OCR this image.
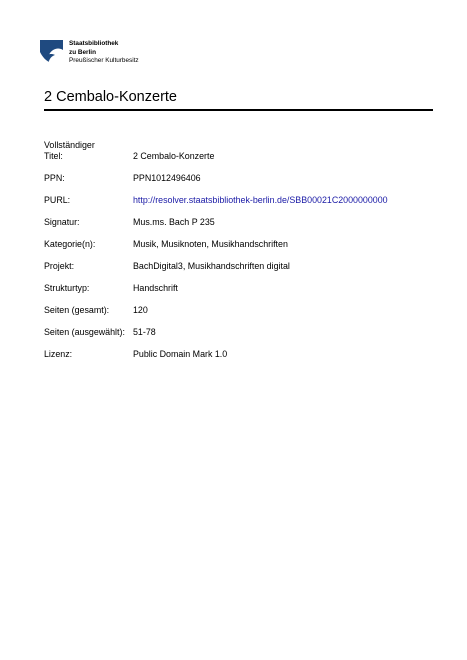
Staatsbibliothek
zu Berlin
Preußischer Kulturbesitz
2 Cembalo-Konzerte
Vollständiger
Titel:	2 Cembalo-Konzerte
PPN:	PPN1012496406
PURL:	http://resolver.staatsbibliothek-berlin.de/SBB00021C2000000000
Signatur:	Mus.ms. Bach P 235
Kategorie(n):	Musik, Musiknoten, Musikhandschriften
Projekt:	BachDigital3, Musikhandschriften digital
Strukturtyp:	Handschrift
Seiten (gesamt):	120
Seiten (ausgewählt): 51-78
Lizenz:	Public Domain Mark 1.0
